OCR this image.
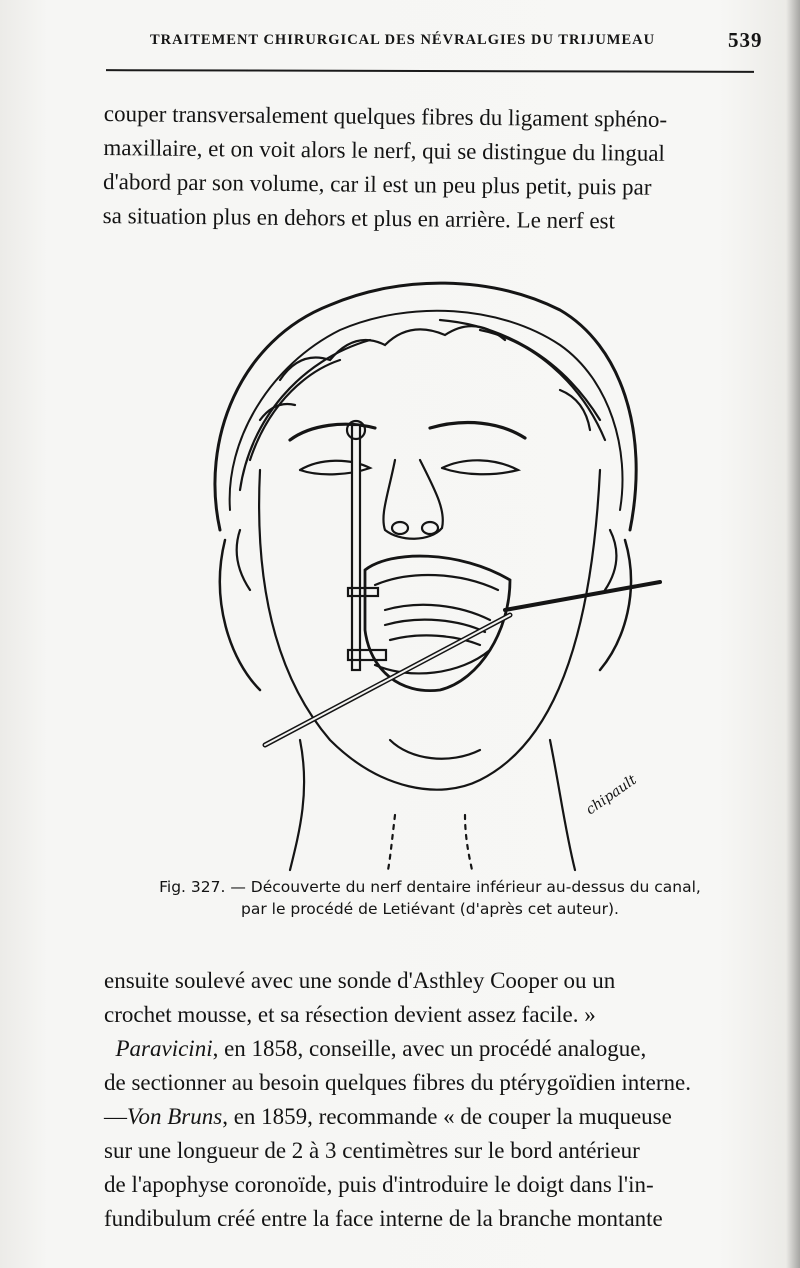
TRAITEMENT CHIRURGICAL DES NÉVRALGIES DU TRIJUMEAU	539
couper transversalement quelques fibres du ligament sphéno-
maxillaire, et on voit alors le nerf, qui se distingue du lingual
d'abord par son volume, car il est un peu plus petit, puis par
sa situation plus en dehors et plus en arrière. Le nerf est
chipault
Fig. 327. — Découverte du nerf dentaire inférieur au-dessus du canal,
par le procédé de Letiévant (d'après cet auteur).
ensuite soulevé avec une sonde d'Asthley Cooper ou un
crochet mousse, et sa résection devient assez facile. »
Paravicini, en 1858, conseille, avec un procédé analogue,
de sectionner au besoin quelques fibres du ptérygoïdien interne.
—Von Bruns, en 1859, recommande « de couper la muqueuse
sur une longueur de 2 à 3 centimètres sur le bord antérieur
de l'apophyse coronoïde, puis d'introduire le doigt dans l'in-
fundibulum créé entre la face interne de la branche montante
